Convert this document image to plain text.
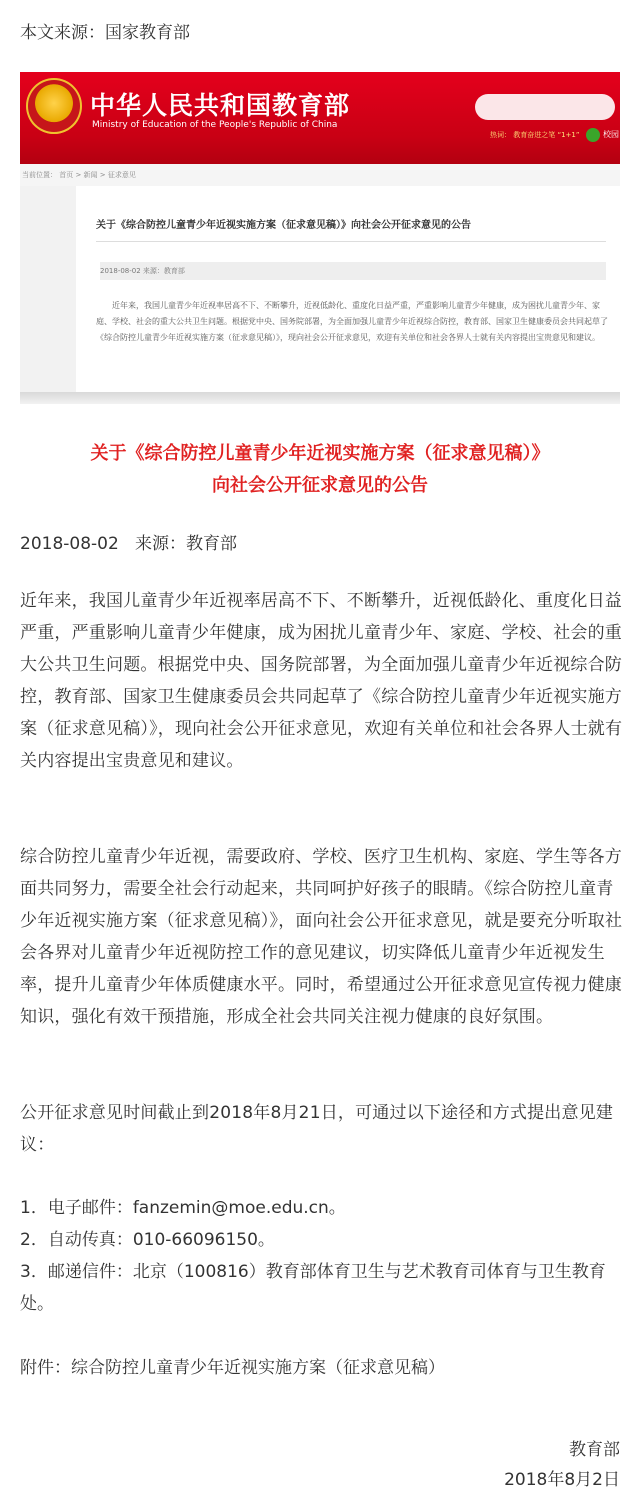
本文来源：国家教育部
中华人民共和国教育部
Ministry of Education of the People's Republic of China
热词： 教育奋进之笔 “1+1”	校园
当前位置： 首页 > 新闻 > 征求意见
关于《综合防控儿童青少年近视实施方案（征求意见稿）》向社会公开征求意见的公告
2018-08-02 来源：教育部
近年来，我国儿童青少年近视率居高不下、不断攀升，近视低龄化、重度化日益严重，严重影响儿童青少年健康，成为困扰儿童青少年、家庭、学校、社会的重大公共卫生问题。根据党中央、国务院部署，为全面加强儿童青少年近视综合防控，教育部、国家卫生健康委员会共同起草了《综合防控儿童青少年近视实施方案（征求意见稿）》，现向社会公开征求意见，欢迎有关单位和社会各界人士就有关内容提出宝贵意见和建议。
关于《综合防控儿童青少年近视实施方案（征求意见稿）》
向社会公开征求意见的公告
2018-08-02   来源：教育部
近年来，我国儿童青少年近视率居高不下、不断攀升，近视低龄化、重度化日益严重，严重影响儿童青少年健康，成为困扰儿童青少年、家庭、学校、社会的重大公共卫生问题。根据党中央、国务院部署，为全面加强儿童青少年近视综合防控，教育部、国家卫生健康委员会共同起草了《综合防控儿童青少年近视实施方案（征求意见稿）》，现向社会公开征求意见，欢迎有关单位和社会各界人士就有关内容提出宝贵意见和建议。
综合防控儿童青少年近视，需要政府、学校、医疗卫生机构、家庭、学生等各方面共同努力，需要全社会行动起来，共同呵护好孩子的眼睛。《综合防控儿童青少年近视实施方案（征求意见稿）》，面向社会公开征求意见，就是要充分听取社会各界对儿童青少年近视防控工作的意见建议，切实降低儿童青少年近视发生率，提升儿童青少年体质健康水平。同时，希望通过公开征求意见宣传视力健康知识，强化有效干预措施，形成全社会共同关注视力健康的良好氛围。
公开征求意见时间截止到2018年8月21日，可通过以下途径和方式提出意见建议：
1．电子邮件：fanzemin@moe.edu.cn。
2．自动传真：010-66096150。
3．邮递信件：北京（100816）教育部体育卫生与艺术教育司体育与卫生教育处。
附件：综合防控儿童青少年近视实施方案（征求意见稿）
教育部
2018年8月2日
